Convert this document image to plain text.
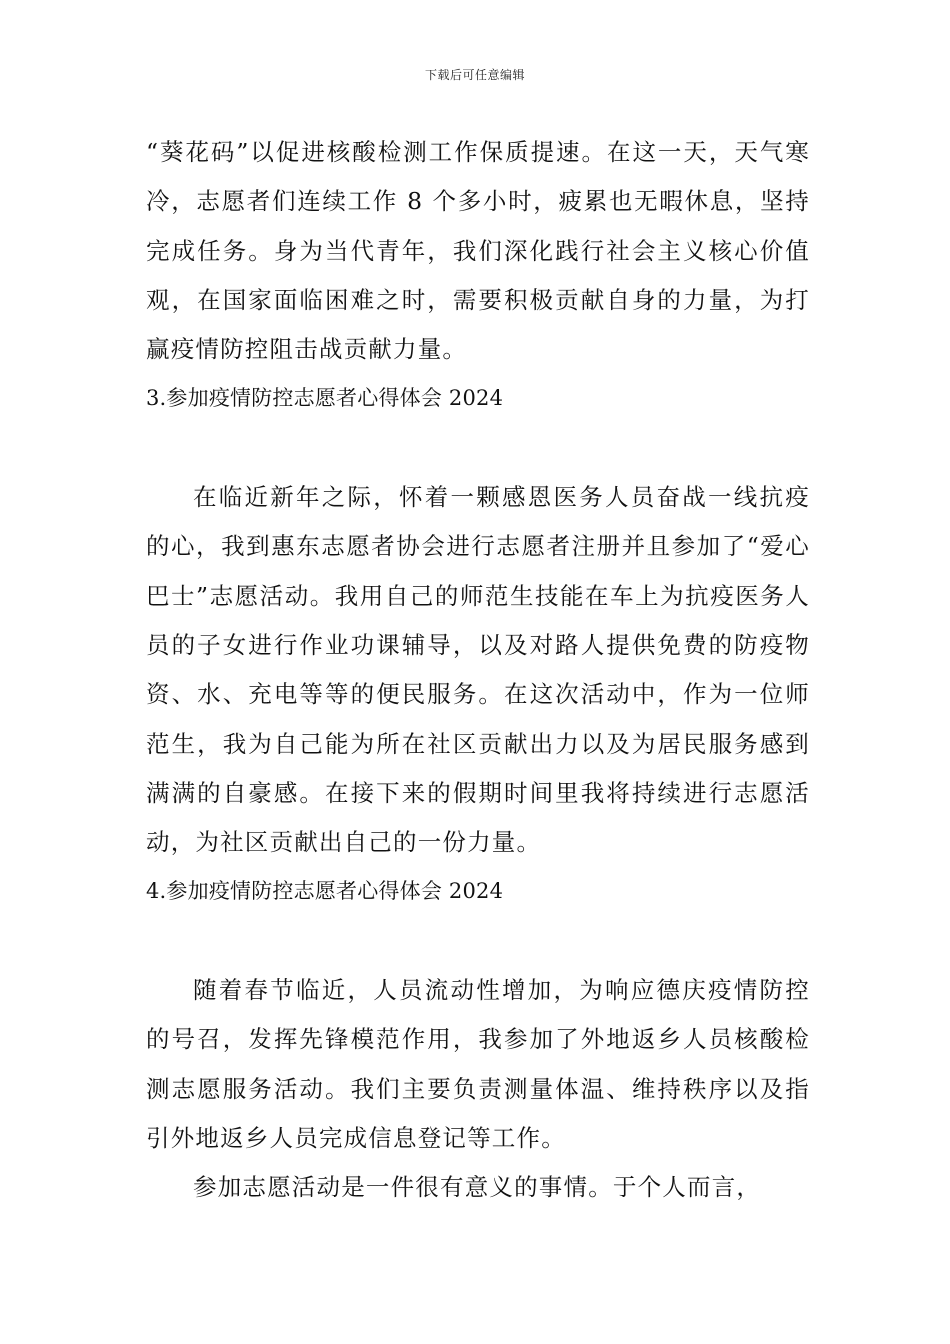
下载后可任意编辑

“葵花码”以促进核酸检测工作保质提速。在这一天，天气寒冷，志愿者们连续工作 8 个多小时，疲累也无暇休息，坚持完成任务。身为当代青年，我们深化践行社会主义核心价值观，在国家面临困难之时，需要积极贡献自身的力量，为打赢疫情防控阻击战贡献力量。

3.参加疫情防控志愿者心得体会 2024

在临近新年之际，怀着一颗感恩医务人员奋战一线抗疫的心，我到惠东志愿者协会进行志愿者注册并且参加了“爱心巴士”志愿活动。我用自己的师范生技能在车上为抗疫医务人员的子女进行作业功课辅导，以及对路人提供免费的防疫物资、水、充电等等的便民服务。在这次活动中，作为一位师范生，我为自己能为所在社区贡献出力以及为居民服务感到满满的自豪感。在接下来的假期时间里我将持续进行志愿活动，为社区贡献出自己的一份力量。

4.参加疫情防控志愿者心得体会 2024

随着春节临近，人员流动性增加，为响应德庆疫情防控的号召，发挥先锋模范作用，我参加了外地返乡人员核酸检测志愿服务活动。我们主要负责测量体温、维持秩序以及指引外地返乡人员完成信息登记等工作。

参加志愿活动是一件很有意义的事情。于个人而言，
